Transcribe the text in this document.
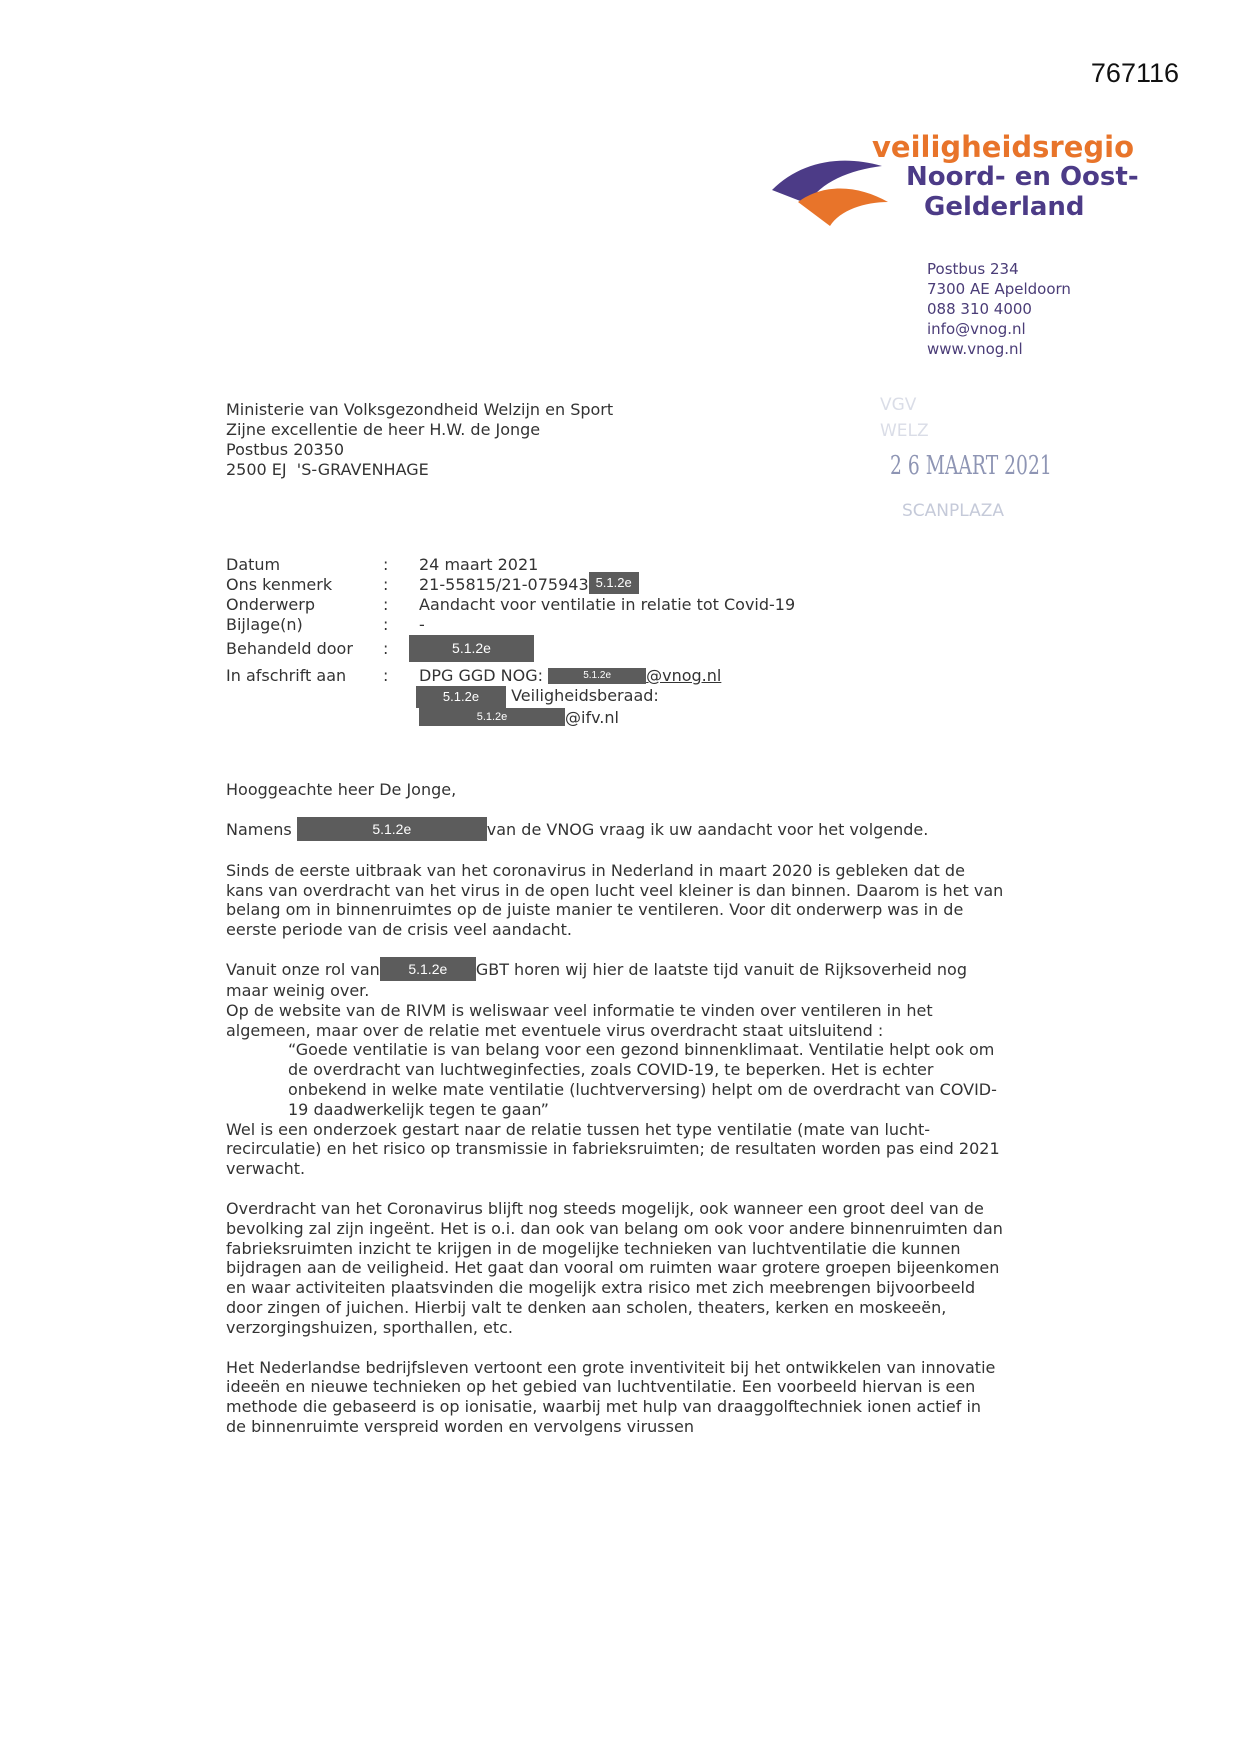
767116
veiligheidsregio
Noord- en Oost-
Gelderland
Postbus 234
7300 AE Apeldoorn
088 310 4000
info@vnog.nl
www.vnog.nl
Ministerie van Volksgezondheid Welzijn en Sport
Zijne excellentie de heer H.W. de Jonge
Postbus 20350
2500 EJ  'S-GRAVENHAGE
VGV
WELZ
2 6 MAART 2021
SCANPLAZA
Datum	: 24 maart 2021
Ons kenmerk	: 21-55815/21-075943 5.1.2e
Onderwerp	: Aandacht voor ventilatie in relatie tot Covid-19
Bijlage(n)	: -
Behandeld door :	5.1.2e
In afschrift aan : DPG GGD NOG:	5.1.2e @vnog.nl
5.1.2e Veiligheidsberaad:
5.1.2e	@ifv.nl

Hooggeachte heer De Jonge,

Namens	5.1.2e	van de VNOG vraag ik uw aandacht voor het volgende.

Sinds de eerste uitbraak van het coronavirus in Nederland in maart 2020 is gebleken dat de kans van overdracht van het virus in de open lucht veel kleiner is dan binnen. Daarom is het van belang om in binnenruimtes op de juiste manier te ventileren. Voor dit onderwerp was in de eerste periode van de crisis veel aandacht.

Vanuit onze rol van 5.1.2e GBT horen wij hier de laatste tijd vanuit de Rijksoverheid nog maar weinig over.

Op de website van de RIVM is weliswaar veel informatie te vinden over ventileren in het algemeen, maar over de relatie met eventuele virus overdracht staat uitsluitend :

“Goede ventilatie is van belang voor een gezond binnenklimaat. Ventilatie helpt ook om de overdracht van luchtweginfecties, zoals COVID-19, te beperken. Het is echter onbekend in welke mate ventilatie (luchtverversing) helpt om de overdracht van COVID-19 daadwerkelijk tegen te gaan”

Wel is een onderzoek gestart naar de relatie tussen het type ventilatie (mate van lucht-recirculatie) en het risico op transmissie in fabrieksruimten; de resultaten worden pas eind 2021 verwacht.

Overdracht van het Coronavirus blijft nog steeds mogelijk, ook wanneer een groot deel van de bevolking zal zijn ingeënt. Het is o.i. dan ook van belang om ook voor andere binnenruimten dan fabrieksruimten inzicht te krijgen in de mogelijke technieken van luchtventilatie die kunnen bijdragen aan de veiligheid. Het gaat dan vooral om ruimten waar grotere groepen bijeenkomen en waar activiteiten plaatsvinden die mogelijk extra risico met zich meebrengen bijvoorbeeld door zingen of juichen. Hierbij valt te denken aan scholen, theaters, kerken en moskeeën, verzorgingshuizen, sporthallen, etc.

Het Nederlandse bedrijfsleven vertoont een grote inventiviteit bij het ontwikkelen van innovatie ideeën en nieuwe technieken op het gebied van luchtventilatie. Een voorbeeld hiervan is een methode die gebaseerd is op ionisatie, waarbij met hulp van draaggolftechniek ionen actief in de binnenruimte verspreid worden en vervolgens virussen
